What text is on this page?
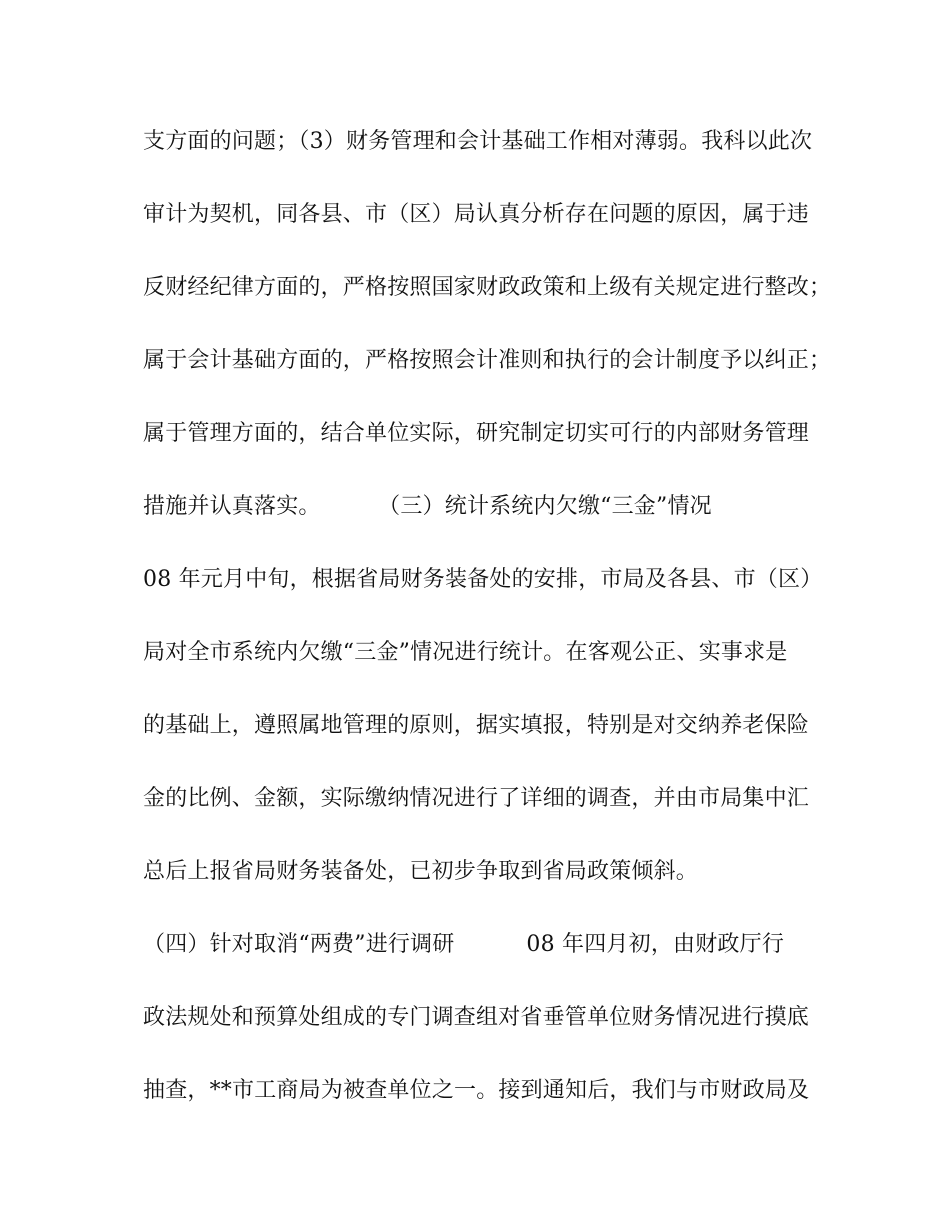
支方面的问题；（3）财务管理和会计基础工作相对薄弱。我科以此次
审计为契机，同各县、市（区）局认真分析存在问题的原因，属于违
反财经纪律方面的，严格按照国家财政政策和上级有关规定进行整改；
属于会计基础方面的，严格按照会计准则和执行的会计制度予以纠正；
属于管理方面的，结合单位实际，研究制定切实可行的内部财务管理
措施并认真落实。        （三）统计系统内欠缴“三金”情况
08 年元月中旬，根据省局财务装备处的安排，市局及各县、市（区）
局对全市系统内欠缴“三金”情况进行统计。在客观公正、实事求是
的基础上，遵照属地管理的原则，据实填报，特别是对交纳养老保险
金的比例、金额，实际缴纳情况进行了详细的调查，并由市局集中汇
总后上报省局财务装备处，已初步争取到省局政策倾斜。
（四）针对取消“两费”进行调研          08 年四月初，由财政厅行
政法规处和预算处组成的专门调查组对省垂管单位财务情况进行摸底
抽查，**市工商局为被查单位之一。接到通知后，我们与市财政局及
